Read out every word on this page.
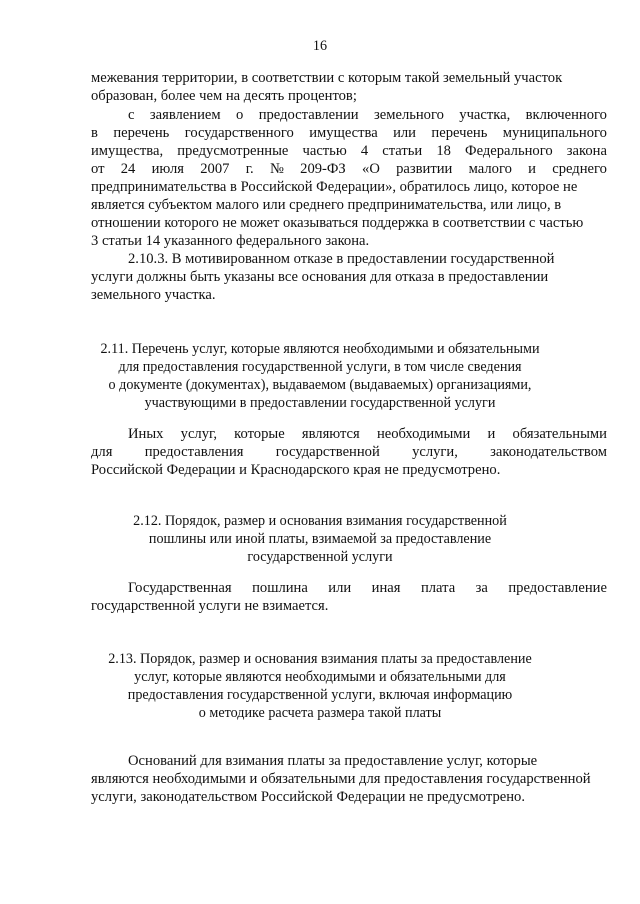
16
межевания территории, в соответствии с которым такой земельный участок
образован, более чем на десять процентов;
с заявлением о предоставлении земельного участка, включенного
в перечень государственного имущества или перечень муниципального
имущества, предусмотренные частью 4 статьи 18 Федерального закона
от 24 июля 2007 г. № 209-ФЗ «О развитии малого и среднего
предпринимательства в Российской Федерации», обратилось лицо, которое не
является субъектом малого или среднего предпринимательства, или лицо, в
отношении которого не может оказываться поддержка в соответствии с частью
3 статьи 14 указанного федерального закона.
2.10.3. В мотивированном отказе в предоставлении государственной
услуги должны быть указаны все основания для отказа в предоставлении
земельного участка.
2.11. Перечень услуг, которые являются необходимыми и обязательными
для предоставления государственной услуги, в том числе сведения
о документе (документах), выдаваемом (выдаваемых) организациями,
участвующими в предоставлении государственной услуги
Иных услуг, которые являются необходимыми и обязательными
для предоставления государственной услуги, законодательством
Российской Федерации и Краснодарского края не предусмотрено.
2.12. Порядок, размер и основания взимания государственной
пошлины или иной платы, взимаемой за предоставление
государственной услуги
Государственная пошлина или иная плата за предоставление
государственной услуги не взимается.
2.13. Порядок, размер и основания взимания платы за предоставление
услуг, которые являются необходимыми и обязательными для
предоставления государственной услуги, включая информацию
о методике расчета размера такой платы
Оснований для взимания платы за предоставление услуг, которые
являются необходимыми и обязательными для предоставления государственной
услуги, законодательством Российской Федерации не предусмотрено.
